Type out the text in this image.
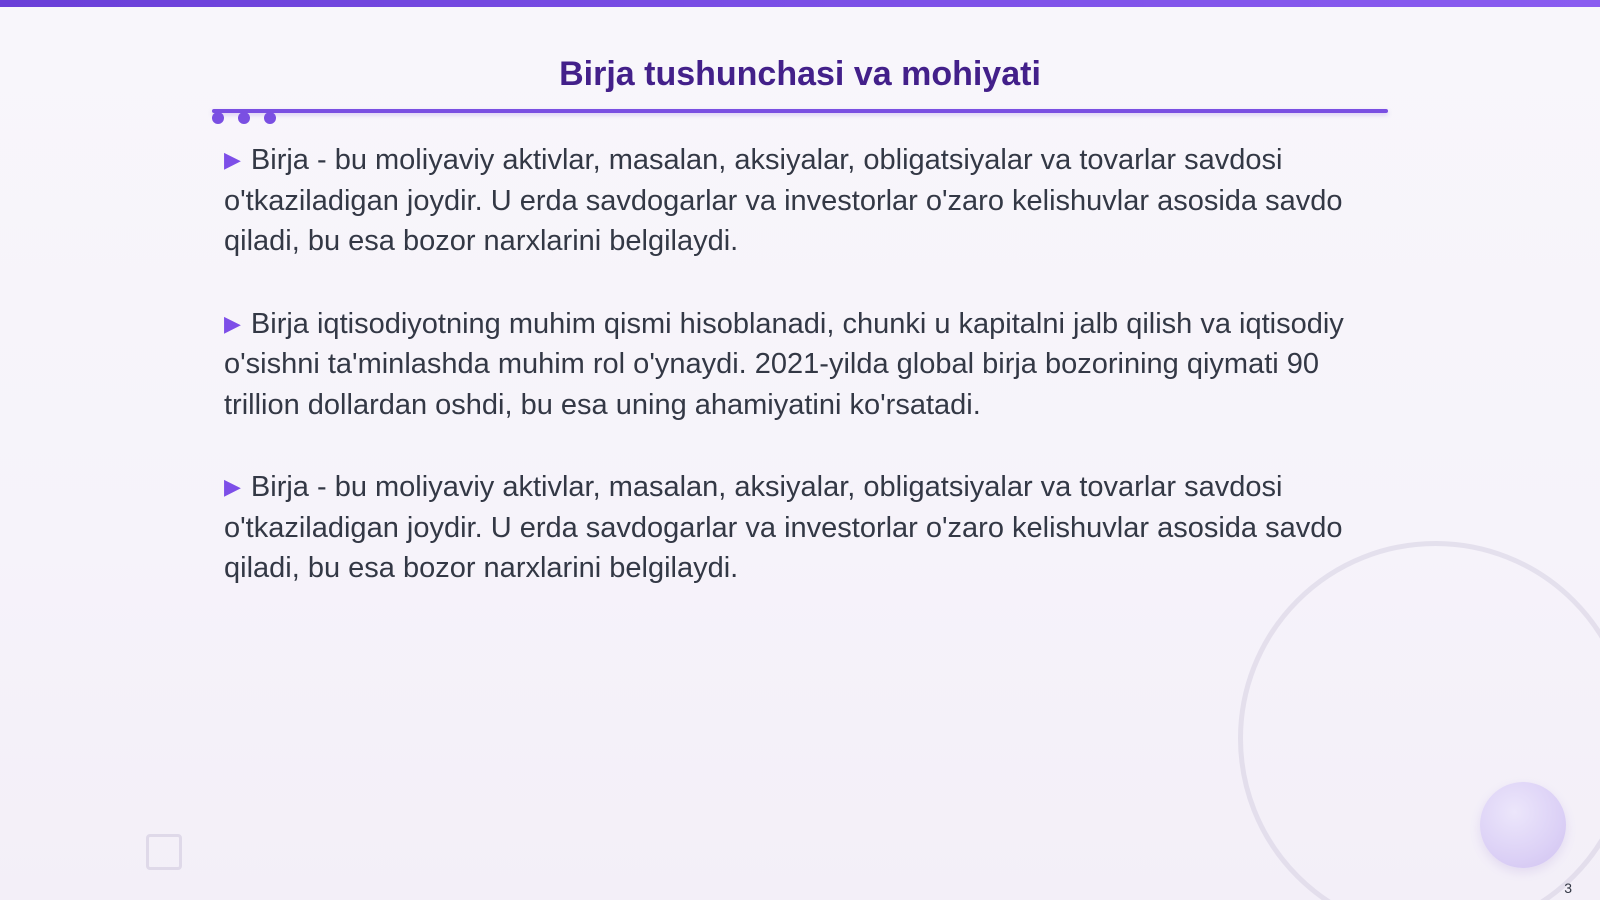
Birja tushunchasi va mohiyati

▶ Birja - bu moliyaviy aktivlar, masalan, aksiyalar, obligatsiyalar va tovarlar savdosi o'tkaziladigan joydir. U erda savdogarlar va investorlar o'zaro kelishuvlar asosida savdo qiladi, bu esa bozor narxlarini belgilaydi.

▶ Birja iqtisodiyotning muhim qismi hisoblanadi, chunki u kapitalni jalb qilish va iqtisodiy o'sishni ta'minlashda muhim rol o'ynaydi. 2021-yilda global birja bozorining qiymati 90 trillion dollardan oshdi, bu esa uning ahamiyatini ko'rsatadi.

▶ Birja - bu moliyaviy aktivlar, masalan, aksiyalar, obligatsiyalar va tovarlar savdosi o'tkaziladigan joydir. U erda savdogarlar va investorlar o'zaro kelishuvlar asosida savdo qiladi, bu esa bozor narxlarini belgilaydi.

3
